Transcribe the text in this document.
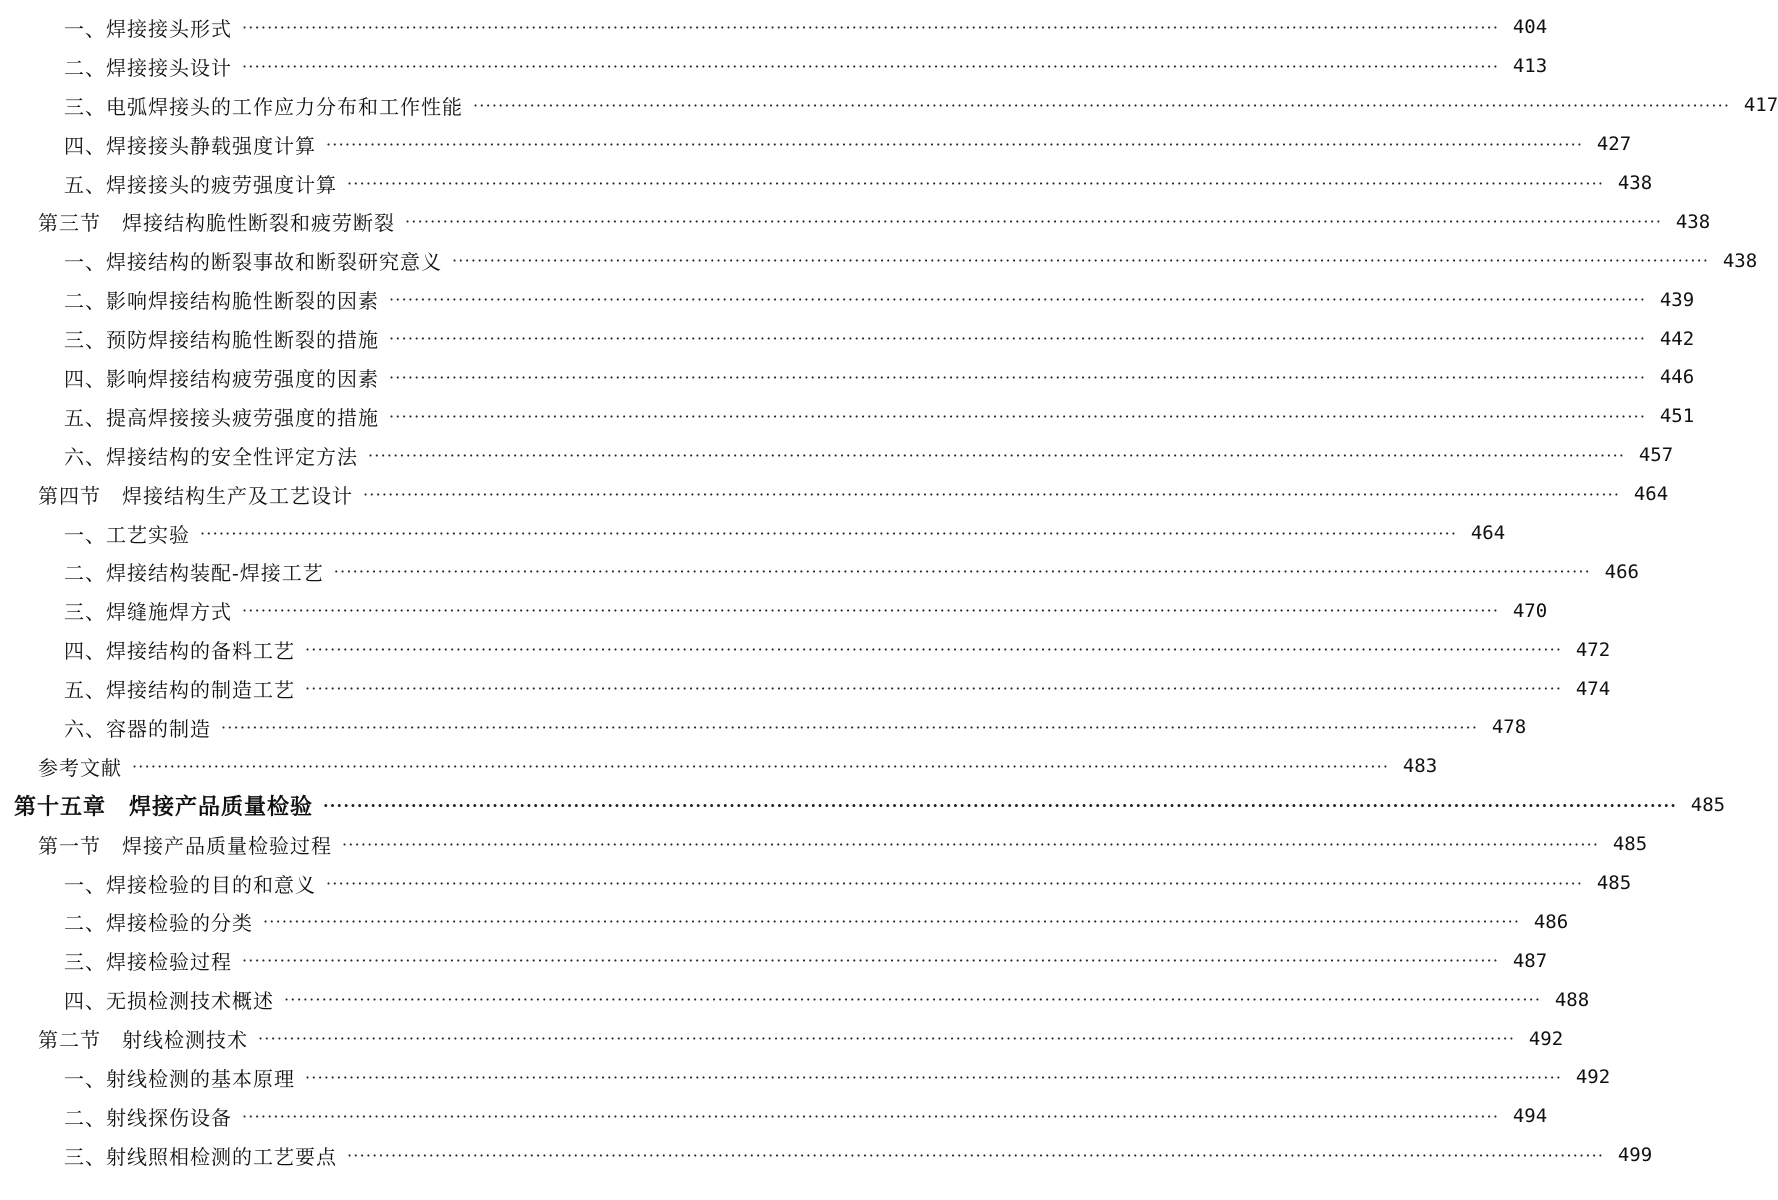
一、焊接接头形式 ········································································································································································································ 404
二、焊接接头设计 ········································································································································································································ 413
三、电弧焊接头的工作应力分布和工作性能 ········································································································································································································ 417
四、焊接接头静载强度计算 ········································································································································································································ 427
五、焊接接头的疲劳强度计算 ········································································································································································································ 438
第三节　焊接结构脆性断裂和疲劳断裂 ········································································································································································································ 438
一、焊接结构的断裂事故和断裂研究意义 ········································································································································································································ 438
二、影响焊接结构脆性断裂的因素 ········································································································································································································ 439
三、预防焊接结构脆性断裂的措施 ········································································································································································································ 442
四、影响焊接结构疲劳强度的因素 ········································································································································································································ 446
五、提高焊接接头疲劳强度的措施 ········································································································································································································ 451
六、焊接结构的安全性评定方法 ········································································································································································································ 457
第四节　焊接结构生产及工艺设计 ········································································································································································································ 464
一、工艺实验 ········································································································································································································ 464
二、焊接结构装配-焊接工艺 ········································································································································································································ 466
三、焊缝施焊方式 ········································································································································································································ 470
四、焊接结构的备料工艺 ········································································································································································································ 472
五、焊接结构的制造工艺 ········································································································································································································ 474
六、容器的制造 ········································································································································································································ 478
参考文献 ········································································································································································································ 483
第十五章　焊接产品质量检验 ········································································································································································································ 485
第一节　焊接产品质量检验过程 ········································································································································································································ 485
一、焊接检验的目的和意义 ········································································································································································································ 485
二、焊接检验的分类 ········································································································································································································ 486
三、焊接检验过程 ········································································································································································································ 487
四、无损检测技术概述 ········································································································································································································ 488
第二节　射线检测技术 ········································································································································································································ 492
一、射线检测的基本原理 ········································································································································································································ 492
二、射线探伤设备 ········································································································································································································ 494
三、射线照相检测的工艺要点 ········································································································································································································ 499
